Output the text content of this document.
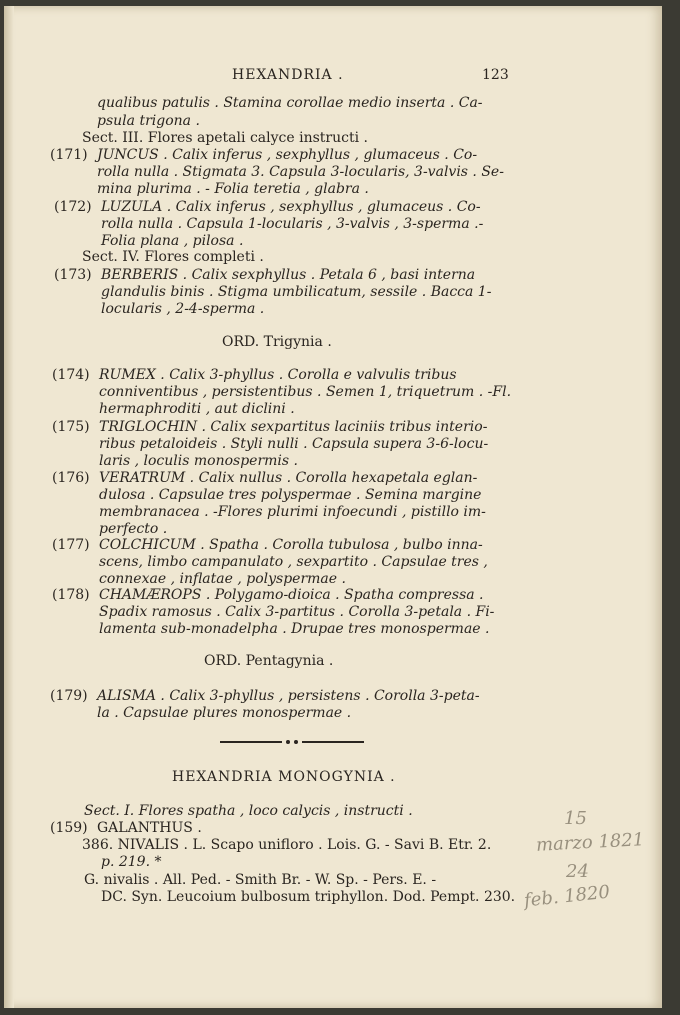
HEXANDRIA .	123
qualibus patulis . Stamina corollae medio inserta . Ca-
psula trigona .
Sect. III. Flores apetali calyce instructi .
(171) JUNCUS . Calix inferus , sexphyllus , glumaceus . Co-
rolla nulla . Stigmata 3. Capsula 3-locularis, 3-valvis . Se-
mina plurima . - Folia teretia , glabra .
(172) LUZULA . Calix inferus , sexphyllus , glumaceus . Co-
rolla nulla . Capsula 1-locularis , 3-valvis , 3-sperma .-
Folia plana , pilosa .
Sect. IV. Flores completi .
(173) BERBERIS . Calix sexphyllus . Petala 6 , basi interna
glandulis binis . Stigma umbilicatum, sessile . Bacca 1-
locularis , 2-4-sperma .
ORD. Trigynia .
(174) RUMEX . Calix 3-phyllus . Corolla e valvulis tribus
conniventibus , persistentibus . Semen 1, triquetrum . -Fl.
hermaphroditi , aut diclini .
(175) TRIGLOCHIN . Calix sexpartitus laciniis tribus interio-
ribus petaloideis . Styli nulli . Capsula supera 3-6-locu-
laris , loculis monospermis .
(176) VERATRUM . Calix nullus . Corolla hexapetala eglan-
dulosa . Capsulae tres polyspermae . Semina margine
membranacea . -Flores plurimi infoecundi , pistillo im-
perfecto .
(177) COLCHICUM . Spatha . Corolla tubulosa , bulbo inna-
scens, limbo campanulato , sexpartito . Capsulae tres ,
connexae , inflatae , polyspermae .
(178) CHAMÆROPS . Polygamo-dioica . Spatha compressa .
Spadix ramosus . Calix 3-partitus . Corolla 3-petala . Fi-
lamenta sub-monadelpha . Drupae tres monospermae .
ORD. Pentagynia .
(179) ALISMA . Calix 3-phyllus , persistens . Corolla 3-peta-
la . Capsulae plures monospermae .
HEXANDRIA MONOGYNIA .
Sect. I. Flores spatha , loco calycis , instructi .
(159) GALANTHUS .
386. NIVALIS . L. Scapo unifloro . Lois. G. - Savi B. Etr. 2.
p. 219. *
G. nivalis . All. Ped. - Smith Br. - W. Sp. - Pers. E. -
DC. Syn. Leucoium bulbosum triphyllon. Dod. Pempt. 230.
15
marzo 1821
24
feb. 1820
